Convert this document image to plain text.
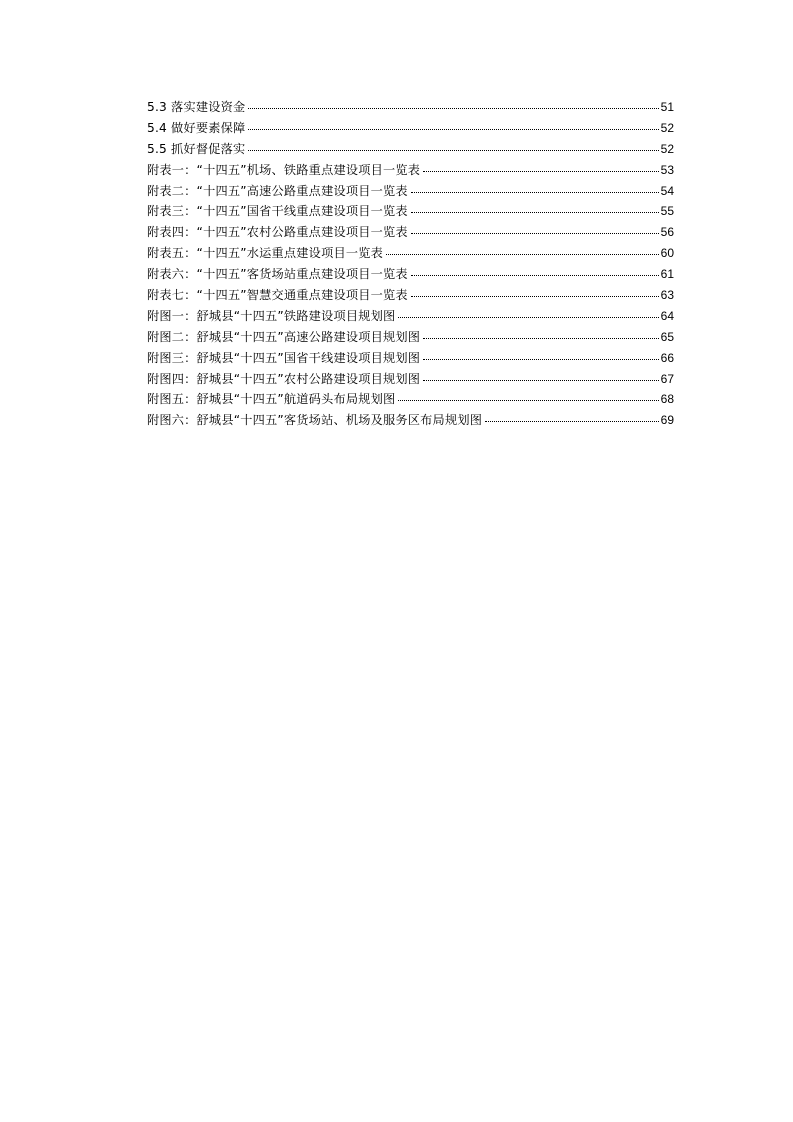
5.3 落实建设资金	51
5.4 做好要素保障	52
5.5 抓好督促落实	52
附表一：“十四五”机场、铁路重点建设项目一览表	53
附表二：“十四五”高速公路重点建设项目一览表	54
附表三：“十四五”国省干线重点建设项目一览表	55
附表四：“十四五”农村公路重点建设项目一览表	56
附表五：“十四五”水运重点建设项目一览表	60
附表六：“十四五”客货场站重点建设项目一览表	61
附表七：“十四五”智慧交通重点建设项目一览表	63
附图一：舒城县“十四五”铁路建设项目规划图	64
附图二：舒城县“十四五”高速公路建设项目规划图	65
附图三：舒城县“十四五”国省干线建设项目规划图	66
附图四：舒城县“十四五”农村公路建设项目规划图	67
附图五：舒城县“十四五”航道码头布局规划图	68
附图六：舒城县“十四五”客货场站、机场及服务区布局规划图	69
